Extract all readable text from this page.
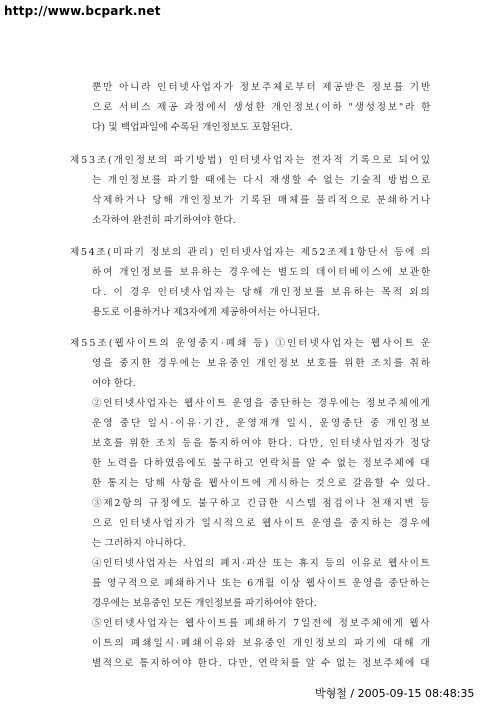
http://www.bcpark.net
뿐만 아니라 인터넷사업자가 정보주체로부터 제공받은 정보를 기반
으로 서비스 제공 과정에서 생성한 개인정보(이하 "생성정보"라 한
다) 및 백업파일에 수록된 개인정보도 포함된다.
제53조(개인정보의 파기방법) 인터넷사업자는 전자적 기록으로 되어있
는 개인정보를 파기할 때에는 다시 재생할 수 없는 기술적 방법으로
삭제하거나 당해 개인정보가 기록된 매체를 물리적으로 분쇄하거나
소각하여 완전히 파기하여야 한다.
제54조(미파기 정보의 관리) 인터넷사업자는 제52조제1항단서 등에 의
하여 개인정보를 보유하는 경우에는 별도의 데이터베이스에 보관한
다. 이 경우 인터넷사업자는 당해 개인정보를 보유하는 목적 외의
용도로 이용하거나 제3자에게 제공하여서는 아니된다.
제55조(웹사이트의 운영중지·폐쇄 등) ①인터넷사업자는 웹사이트 운
영을 중지한 경우에는 보유중인 개인정보 보호를 위한 조치를 취하
여야 한다.
②인터넷사업자는 웹사이트 운영을 중단하는 경우에는 정보주체에게
운영 중단 일시·이유·기간, 운영재개 일시, 운영중단 중 개인정보
보호를 위한 조치 등을 통지하여야 한다. 다만, 인터넷사업자가 정당
한 노력을 다하였음에도 불구하고 연락처를 알 수 없는 정보주체에 대
한 통지는 당해 사항을 웹사이트에 게시하는 것으로 갈음할 수 있다.
③제2항의 규정에도 불구하고 긴급한 시스템 점검이나 천재지변 등
으로 인터넷사업자가 일시적으로 웹사이트 운영을 중지하는 경우에
는 그러하지 아니하다.
④인터넷사업자는 사업의 폐지·파산 또는 휴지 등의 이유로 웹사이트
를 영구적으로 폐쇄하거나 또는 6개월 이상 웹사이트 운영을 중단하는
경우에는 보유중인 모든 개인정보를 파기하여야 한다.
⑤인터넷사업자는 웹사이트를 폐쇄하기 7일전에 정보주체에게 웹사
이트의 폐쇄일시·폐쇄이유와 보유중인 개인정보의 파기에 대해 개
별적으로 통지하여야 한다. 다만, 연락처를 알 수 없는 정보주체에 대
박형철 / 2005-09-15 08:48:35
